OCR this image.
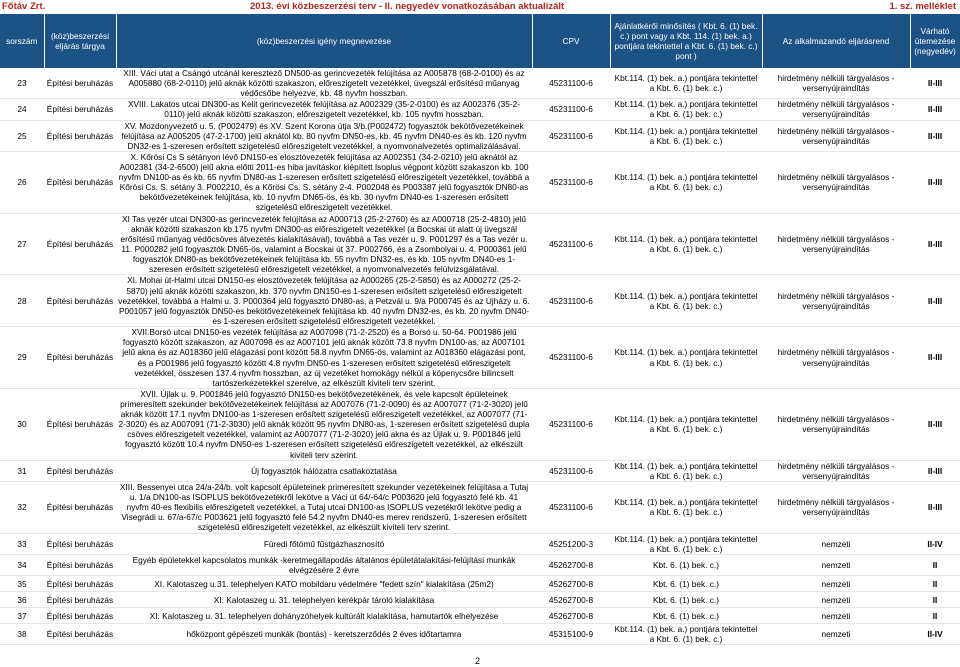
Főtáv Zrt.	2013. évi közbeszerzési terv - II. negyedév vonatkozásában aktualizált	1. sz. melléklet
sorszám	(köz)beszerzési eljárás tárgya	(köz)beszerzési igény megnevezése	CPV	Ajánlatkérői minősítés ( Kbt. 6. (1) bek. c.) pont vagy a Kbt. 114. (1) bek. a.) pontjára tekintettel a Kbt. 6. (1) bek. c.) pont )	Az alkalmazandó eljárásrend	Várható ütemezése (negyedév)
23	Építési beruházás	XIII. Váci utat a Csángó utcánál keresztező DN500-as gerincvezeték felújítása az A005878 (68-2-0100) és az A005880 (68-2-0110) jelű aknák közötti szakaszon, előreszigetelt vezetékkel, üvegszál erősítésű műanyag védőcsőbe helyezve, kb. 48 nyvfm hosszban.	45231100-6	Kbt.114. (1) bek. a.) pontjára tekintettel a Kbt. 6. (1) bek. c.)	hirdetmény nélküli tárgyalásos - versenyújraindítás	II-III
24	Építési beruházás	XVIII. Lakatos utcai DN300-as Kelit gerincvezeték felújítása az A002329 (35-2-0100) és az A002376 (35-2-0110) jelű aknák közötti szakaszon, előreszigetelt vezetékkel, kb. 105 nyvfm hosszban.	45231100-6	Kbt.114. (1) bek. a.) pontjára tekintettel a Kbt. 6. (1) bek. c.)	hirdetmény nélküli tárgyalásos - versenyújraindítás	II-III
25	Építési beruházás	XV. Mozdonyvezető u. 5. (P002479) és XV. Szent Korona útja 3/b.(P002472) fogyasztók bekötővezetékeinek felújítása az A005205 (47-2-1700) jelű aknától kb. 80 nyvfm DN50-es, kb. 45 nyvfm DN40-es és kb. 120 nyvfm DN32-es 1-szeresen erősített szigetelésű előreszigetelt vezetékkel, a nyomvonalvezetés optimalizálásával.	45231100-6	Kbt.114. (1) bek. a.) pontjára tekintettel a Kbt. 6. (1) bek. c.)	hirdetmény nélküli tárgyalásos - versenyújraindítás	II-III
26	Építési beruházás	X. Kőrösi Cs S sétányon lévő DN150-es elosztóvezeték felújítása az A002351 (34-2-0210) jelű aknától az A002381 (34-2-6500) jelű akna előtti 2011-es hiba javításkor kiépített Isoplus végpont között szakaszon kb. 100 nyvfm DN100-as és kb. 65 nyvfm DN80-as 1-szeresen erősített szigetelésű előreszigetelt vezetékkel, továbbá a Kőrösi Cs. S. sétány 3. P002210, és a Kőrösi Cs. S. sétány 2-4. P002048 és P003387 jelű fogyasztók DN80-as bekötővezetékeinek felújítása, kb. 10 nyvfm DN65-ös, és kb. 30 nyvfm DN40-es 1-szeresen erősített szigetelésű előreszigetelt vezetékkel.	45231100-6	Kbt.114. (1) bek. a.) pontjára tekintettel a Kbt. 6. (1) bek. c.)	hirdetmény nélküli tárgyalásos - versenyújraindítás	II-III
27	Építési beruházás	XI Tas vezér utcai DN300-as gerincvezeték felújítása az A000713 (25-2-2760) és az A000718 (25-2-4810) jelű aknák közötti szakaszon kb.175 nyvfm DN300-as előreszigetelt vezetékkel (a Bocskai út alatt új üvegszál erősítésű műanyag védőcsöves átvezetés kialakításával), továbbá a Tas vezér u. 9. P001297 és a Tas vezér u. 11. P000282 jelű fogyasztók DN65-ös, valamint a Bocskai út 37. P002766, és a Zsombolyai u. 4. P000361 jelű fogyasztók DN80-as bekötővezetékeinek felújítása kb. 55 nyvfm DN32-es, és kb. 105 nyvfm DN40-es 1-szeresen erősített szigetelésű előreszigetelt vezetékkel, a nyomvonalvezetés felülvizsgálatával.	45231100-6	Kbt.114. (1) bek. a.) pontjára tekintettel a Kbt. 6. (1) bek. c.)	hirdetmény nélküli tárgyalásos - versenyújraindítás	II-III
28	Építési beruházás	XI. Mohai út-Halmi utcai DN150-es elosztóvezeték felújítása az A000265 (25-2-5850) és az A000272 (25-2-5870) jelű aknák közötti szakaszon, kb. 370 nyvfm DN150-es 1-szeresen erősített szigetelésű előreszigetelt vezetékkel, továbbá a Halmi u. 3. P000364 jelű fogyasztó DN80-as, a Petzvál u. 9/a P000745 és az Újházy u. 6. P001057 jelű fogyasztók DN50-es bekötővezetékeinek felújítása kb. 40 nyvfm DN32-es, és kb. 20 nyvfm DN40-es 1-szeresen erősített szigetelésű előreszigetelt vezetékkel.	45231100-6	Kbt.114. (1) bek. a.) pontjára tekintettel a Kbt. 6. (1) bek. c.)	hirdetmény nélküli tárgyalásos - versenyújraindítás	II-III
29	Építési beruházás	XVII.Borsó utcai DN150-es vezeték felújítása az A007098 (71-2-2520) és a Borsó u. 50-64. P001986 jelű fogyasztó között szakaszon, az A007098 és az A007101 jelű aknák között 73.8 nyvfm DN100-as, az A007101 jelű akna és az A018360 jelű elágazási pont között 58.8 nyvfm DN65-ös, valamint az A018360 elágazási pont, és a P001986 jelű fogyasztó között 4.8 nyvfm DN50-es 1-szeresen erősített szigetelésű előreszigetelt vezetékkel, összesen 137.4 nyvfm hosszban, az új vezetéket homokágy nélkül a köpenycsőre bilincselt tartószerkezetekkel szerelve, az elkészült kiviteli terv szerint.	45231100-6	Kbt.114. (1) bek. a.) pontjára tekintettel a Kbt. 6. (1) bek. c.)	hirdetmény nélküli tárgyalásos - versenyújraindítás	II-III
30	Építési beruházás	XVII. Újlak u. 9. P001846 jelű fogyasztó DN150-es bekötővezetékének, és vele kapcsolt épületeinek primeresített szekunder bekötővezetékeinek felújítása az A007076 (71-2-0090) és az A007077 (71-2-3020) jelű aknák között 17.1 nyvfm DN100-as 1-szeresen erősített szigetelésű előreszigetelt vezetékkel, az A007077 (71-2-3020) és az A007091 (71-2-3030) jelű aknák között 95 nyvfm DN80-as, 1-szeresen erősített szigetelésű dupla csöves előreszigetelt vezetékkel, valamint az A007077 (71-2-3020) jelű akna és az Újlak u. 9. P001846 jelű fogyasztó között 10.4 nyvfm DN50-es 1-szeresen erősített szigetelésű előreszigetelt vezetékkel, az elkészült kiviteli terv szerint.	45231100-6	Kbt.114. (1) bek. a.) pontjára tekintettel a Kbt. 6. (1) bek. c.)	hirdetmény nélküli tárgyalásos - versenyújraindítás	II-III
31	Építési beruházás	Új fogyasztók hálózatra csatlakoztatása	45231100-6	Kbt.114. (1) bek. a.) pontjára tekintettel a Kbt. 6. (1) bek. c.)	hirdetmény nélküli tárgyalásos - versenyújraindítás	II-III
32	Építési beruházás	XIII. Bessenyei utca 24/a-24/b. volt kapcsolt épületeinek primeresített szekunder vezetékeinek felújítása a Tutaj u. 1/a DN100-as ISOPLUS bekötővezetékről lekötve a Váci út 64/-64/c P003620 jelű fogyasztó felé kb. 41 nyvfm 40-es flexibilis előreszigetelt vezetékkel, a Tutaj utcai DN100-as ISOPLUS vezetékről lekötve pedig a Visegrádi u. 67/a-67/c P003621 jelű fogyasztó felé 54.2 nyvfm DN40-es merev rendszerű, 1-szeresen erősített szigetelésű előreszigetelt vezetékkel, az elkészült kiviteli terv szerint.	45231100-6	Kbt.114. (1) bek. a.) pontjára tekintettel a Kbt. 6. (1) bek. c.)	hirdetmény nélküli tárgyalásos - versenyújraindítás	II-III
33	Építési beruházás	Füredi főtömű fűstgázhasznosító	45251200-3	Kbt.114. (1) bek. a.) pontjára tekintettel a Kbt. 6. (1) bek. c.)	nemzeti	II-IV
34	Építési beruházás	Egyéb épületekkel kapcsolatos munkák -keretmegállapodás általános épületátalakítási-felújítási munkák elvégzésére 2 évre	45262700-8	Kbt. 6. (1) bek. c.)	nemzeti	II
35	Építési beruházás	XI. Kalotaszeg u.31. telephelyen KATO mobildaru védelmére "fedett szín" kialakítása (25m2)	45262700-8	Kbt. 6. (1) bek. c.)	nemzeti	II
36	Építési beruházás	XI. Kalotaszeg u. 31. telephelyen kerékpár tároló kialakítása	45262700-8	Kbt. 6. (1) bek. c.)	nemzeti	II
37	Építési beruházás	XI. Kalotaszeg u. 31. telephelyen dohányzóhelyek kultúrált kialakítása, hamutartók elhelyezése	45262700-8	Kbt. 6. (1) bek. c.)	nemzeti	II
38	Építési beruházás	hőközpont gépészeti munkák (bontás) - keretszerződés 2 éves időtartamra	45315100-9	Kbt.114. (1) bek. a.) pontjára tekintettel a Kbt. 6. (1) bek. c.)	nemzeti	II-IV
2
